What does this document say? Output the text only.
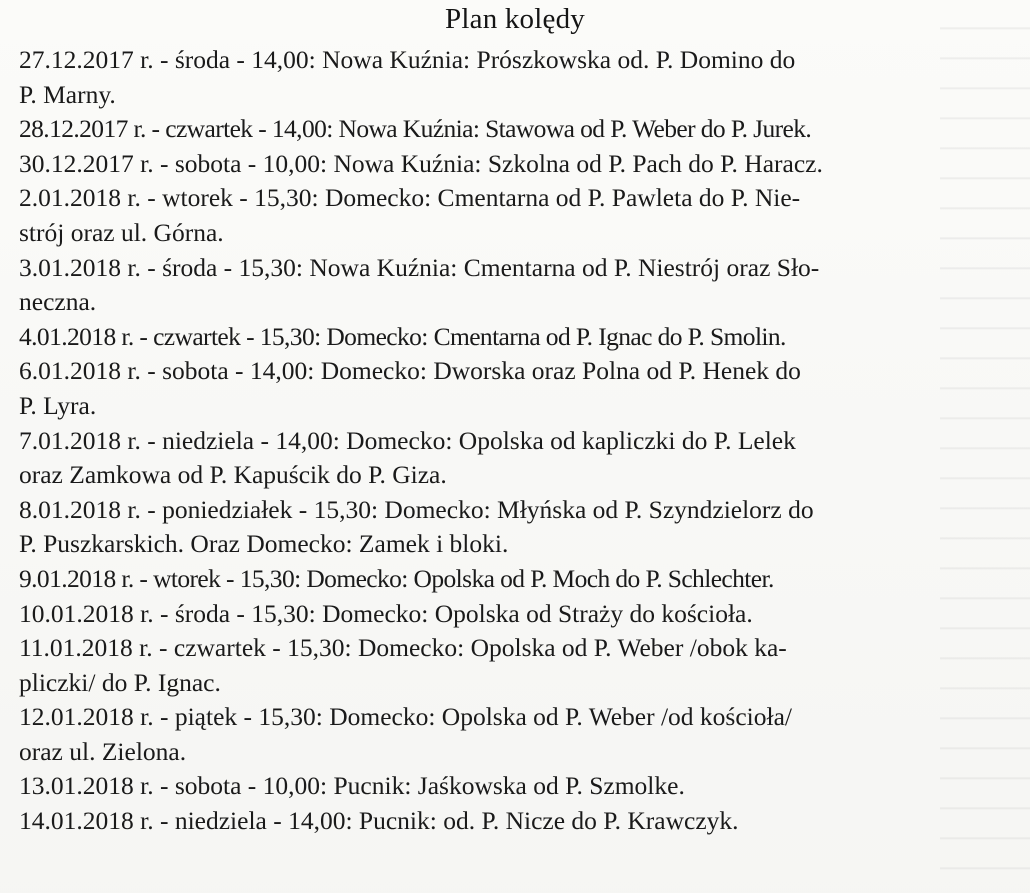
Plan kolędy
27.12.2017 r. - środa - 14,00: Nowa Kuźnia: Prószkowska od. P. Domino do
P. Marny.
28.12.2017 r. - czwartek - 14,00: Nowa Kuźnia: Stawowa od P. Weber do P. Jurek.
30.12.2017 r. - sobota - 10,00: Nowa Kuźnia: Szkolna od P. Pach do P. Haracz.
2.01.2018 r. - wtorek - 15,30: Domecko: Cmentarna od P. Pawleta do P. Nie-
strój oraz ul. Górna.
3.01.2018 r. - środa - 15,30: Nowa Kuźnia: Cmentarna od P. Niestrój oraz Sło-
neczna.
4.01.2018 r. - czwartek - 15,30: Domecko: Cmentarna od P. Ignac do P. Smolin.
6.01.2018 r. - sobota - 14,00: Domecko: Dworska oraz Polna od P. Henek do
P. Lyra.
7.01.2018 r. - niedziela - 14,00: Domecko: Opolska od kapliczki do P. Lelek
oraz Zamkowa od P. Kapuścik do P. Giza.
8.01.2018 r. - poniedziałek - 15,30: Domecko: Młyńska od P. Szyndzielorz do
P. Puszkarskich. Oraz Domecko: Zamek i bloki.
9.01.2018 r. - wtorek - 15,30: Domecko: Opolska od P. Moch do P. Schlechter.
10.01.2018 r. - środa - 15,30: Domecko: Opolska od Straży do kościoła.
11.01.2018 r. - czwartek - 15,30: Domecko: Opolska od P. Weber /obok ka-
pliczki/ do P. Ignac.
12.01.2018 r. - piątek - 15,30: Domecko: Opolska od P. Weber /od kościoła/
oraz ul. Zielona.
13.01.2018 r. - sobota - 10,00: Pucnik: Jaśkowska od P. Szmolke.
14.01.2018 r. - niedziela - 14,00: Pucnik: od. P. Nicze do P. Krawczyk.
